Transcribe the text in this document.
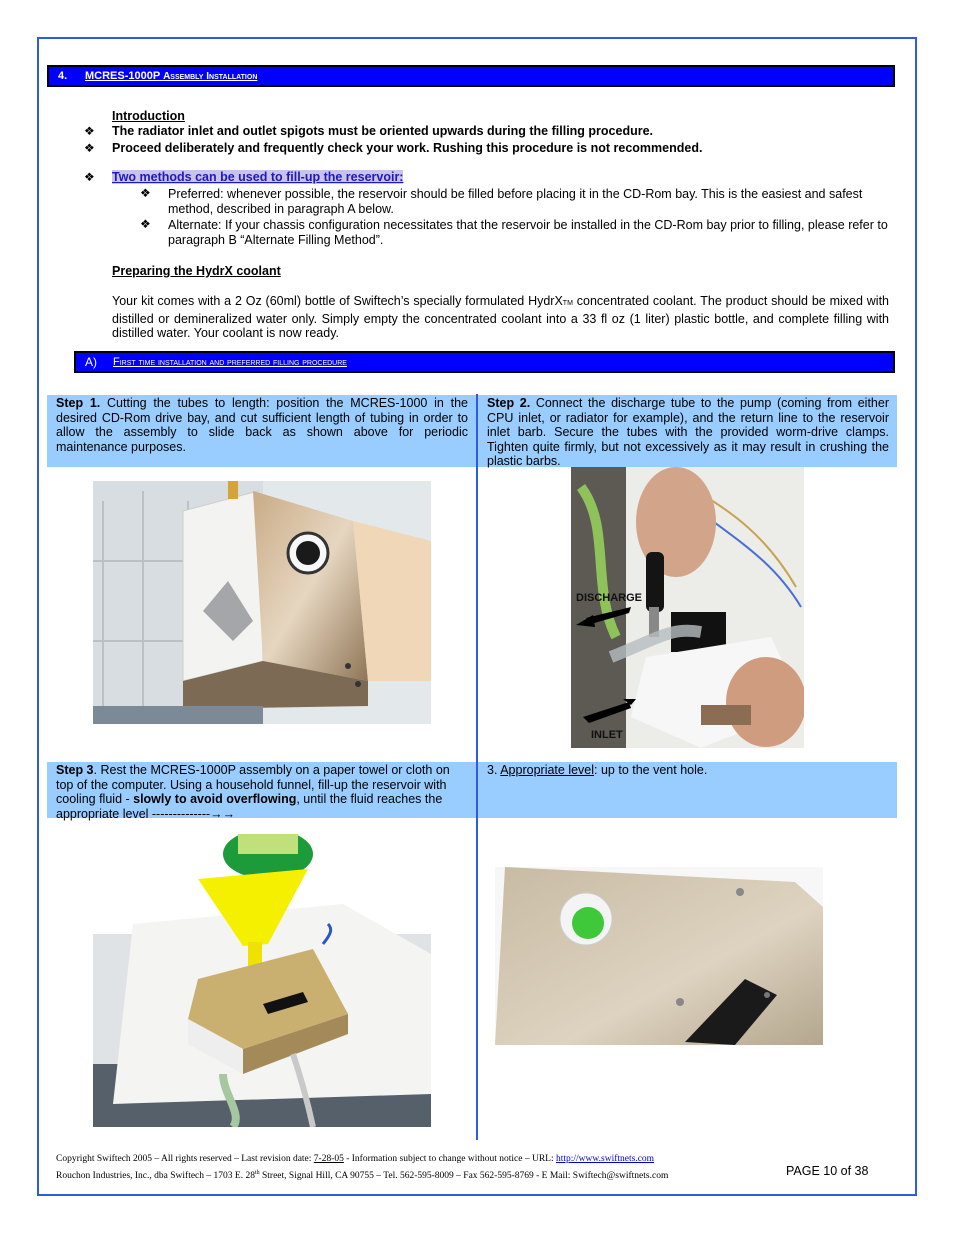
4. MCRES-1000P Assembly Installation
Introduction
❖ The radiator inlet and outlet spigots must be oriented upwards during the filling procedure.
❖ Proceed deliberately and frequently check your work. Rushing this procedure is not recommended.
❖ Two methods can be used to fill-up the reservoir:
❖ Preferred: whenever possible, the reservoir should be filled before placing it in the CD-Rom bay. This is the easiest and safest method, described in paragraph A below.
❖ Alternate: If your chassis configuration necessitates that the reservoir be installed in the CD-Rom bay prior to filling, please refer to paragraph B “Alternate Filling Method”.
Preparing the HydrX coolant
Your kit comes with a 2 Oz (60ml) bottle of Swiftech’s specially formulated HydrXTM concentrated coolant. The product should be mixed with distilled or demineralized water only. Simply empty the concentrated coolant into a 33 fl oz (1 liter) plastic bottle, and complete filling with distilled water. Your coolant is now ready.
A) First time installation and preferred filling procedure
Step 1. Cutting the tubes to length: position the MCRES-1000 in the desired CD-Rom drive bay, and cut sufficient length of tubing in order to allow the assembly to slide back as shown above for periodic maintenance purposes.
Step 2. Connect the discharge tube to the pump (coming from either CPU inlet, or radiator for example), and the return line to the reservoir inlet barb. Secure the tubes with the provided worm-drive clamps. Tighten quite firmly, but not excessively as it may result in crushing the plastic barbs.
Step 3. Rest the MCRES-1000P assembly on a paper towel or cloth on top of the computer. Using a household funnel, fill-up the reservoir with cooling fluid - slowly to avoid overflowing, until the fluid reaches the appropriate level --------------→→
3. Appropriate level: up to the vent hole.
DISCHARGE
INLET
Copyright Swiftech 2005 – All rights reserved – Last revision date: 7-28-05 - Information subject to change without notice – URL: http://www.swiftnets.com
Rouchon Industries, Inc., dba Swiftech – 1703 E. 28th Street, Signal Hill, CA 90755 – Tel. 562-595-8009 – Fax 562-595-8769 - E Mail: Swiftech@swiftnets.com	PAGE 10 of 38
